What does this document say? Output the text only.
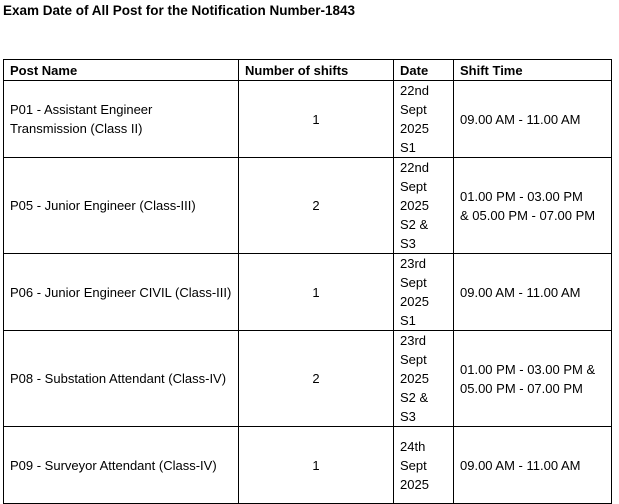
Exam Date of All Post for the Notification Number-1843
Post Name	Number of shifts	Date	Shift Time
P01 - Assistant Engineer Transmission (Class II)	1	22nd
Sept
2025
S1	09.00 AM - 11.00 AM

P05 - Junior Engineer (Class-III)	2	22nd
Sept
2025
S2 & S3	01.00 PM - 03.00 PM
& 05.00 PM - 07.00 PM

P06 - Junior Engineer CIVIL (Class-III)	1	23rd
Sept
2025
S1	09.00 AM - 11.00 AM

P08 - Substation Attendant (Class-IV)	2	23rd
Sept
2025
S2 & S3	01.00 PM - 03.00 PM &
05.00 PM - 07.00 PM

P09 - Surveyor Attendant (Class-IV)	1	24th
Sept
2025	09.00 AM - 11.00 AM
